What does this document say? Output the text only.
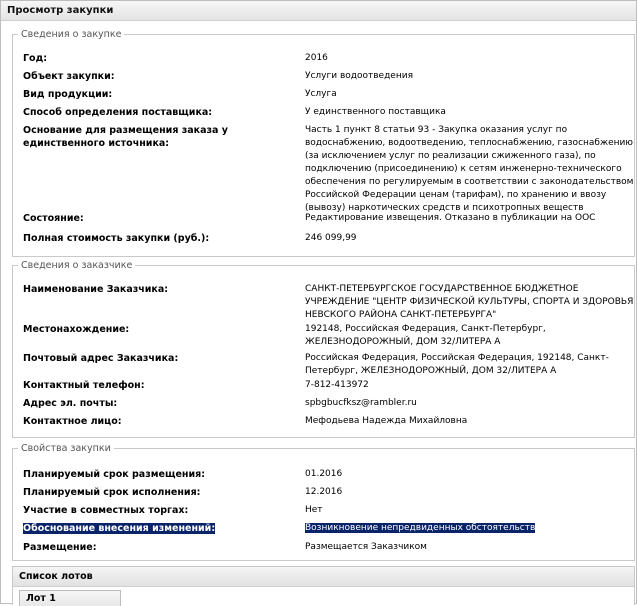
Просмотр закупки
Сведения о закупке
Год:	2016
Объект закупки:	Услуги водоотведения
Вид продукции:	Услуга
Способ определения поставщика:	У единственного поставщика
Основание для размещения заказа у единственного источника:
Часть 1 пункт 8 статьи 93 - Закупка оказания услуг по водоснабжению, водоотведению, теплоснабжению, газоснабжению (за исключением услуг по реализации сжиженного газа), по подключению (присоединению) к сетям инженерно-технического обеспечения по регулируемым в соответствии с законодательством Российской Федерации ценам (тарифам), по хранению и ввозу (вывозу) наркотических средств и психотропных веществ
Состояние:	Редактирование извещения. Отказано в публикации на ООС
Полная стоимость закупки (руб.):	246 099,99
Сведения о заказчике
Наименование Заказчика:	САНКТ-ПЕТЕРБУРГСКОЕ ГОСУДАРСТВЕННОЕ БЮДЖЕТНОЕ УЧРЕЖДЕНИЕ "ЦЕНТР ФИЗИЧЕСКОЙ КУЛЬТУРЫ, СПОРТА И ЗДОРОВЬЯ НЕВСКОГО РАЙОНА САНКТ-ПЕТЕРБУРГА"
Местонахождение:	192148, Российская Федерация, Санкт-Петербург, ЖЕЛЕЗНОДОРОЖНЫЙ, ДОМ 32/ЛИТЕРА А
Почтовый адрес Заказчика:	Российская Федерация, Российская Федерация, 192148, Санкт-Петербург, ЖЕЛЕЗНОДОРОЖНЫЙ, ДОМ 32/ЛИТЕРА А
Контактный телефон:	7-812-413972
Адрес эл. почты:	spbgbucfksz@rambler.ru
Контактное лицо:	Мефодьева Надежда Михайловна
Свойства закупки
Планируемый срок размещения:	01.2016
Планируемый срок исполнения:	12.2016
Участие в совместных торгах:	Нет
Обоснование внесения изменений:	Возникновение непредвиденных обстоятельств
Размещение:	Размещается Заказчиком
Список лотов
Лот 1
